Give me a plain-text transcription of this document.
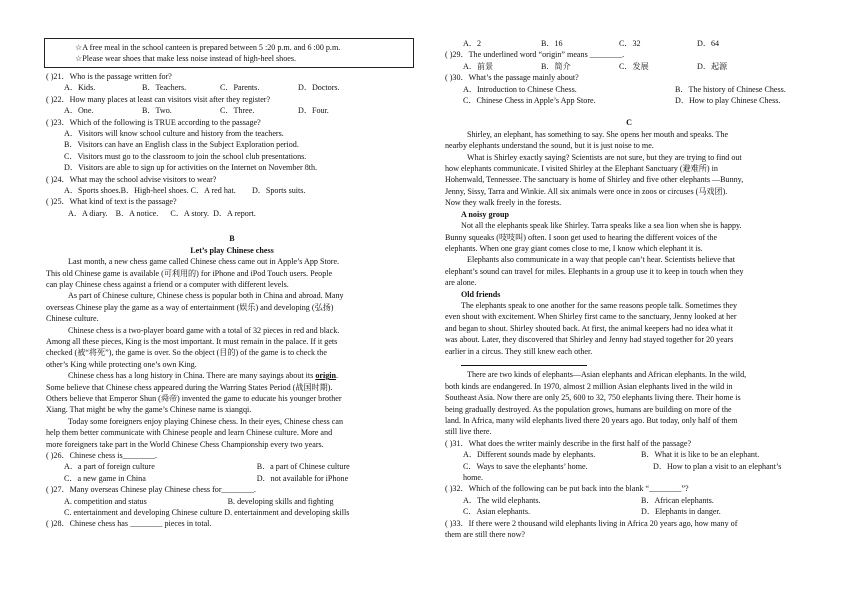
☆A free meal in the school canteen is prepared between 5 :20 p.m. and 6 :00 p.m.
☆Please wear shoes that make less noise instead of high-heel shoes.

( )21．Who is the passage written for?

A．Kids.	B．Teachers.	C．Parents.	D．Doctors.

( )22．How many places at least can visitors visit after they register?

A．One.	B．Two.	C．Three.	D．Four.

( )23．Which of the following is TRUE according to the passage?

A．Visitors will know school culture and history from the teachers.

B．Visitors can have an English class in the Subject Exploration period.

C．Visitors must go to the classroom to join the school club presentations.

D．Visitors are able to sign up for activities on the Internet on November 8th.

( )24．What may the school advise visitors to wear?

A．Sports shoes.B．High-heel shoes. C．A red hat.        D．Sports suits.

( )25．What kind of text is the passage?

A．A diary.    B．A notice.      C．A story.  D．A report.

B

Let’s play Chinese chess

Last month, a new chess game called Chinese chess came out in Apple’s App Store.

This old Chinese game is available (可利用的) for iPhone and iPod Touch users. People

can play Chinese chess against a friend or a computer with different levels.

As part of Chinese culture, Chinese chess is popular both in China and abroad. Many

overseas Chinese play the game as a way of entertainment (娱乐) and developing (弘扬)

Chinese culture.

Chinese chess is a two-player board game with a total of 32 pieces in red and black.

Among all these pieces, King is the most important. It must remain in the palace. If it gets

checked (被“将死”), the game is over. So the object (目的) of the game is to check the

other’s King while protecting one’s own King.

Chinese chess has a long history in China. There are many sayings about its origin.

Some believe that Chinese chess appeared during the Warring States Period (战国时期).

Others believe that Emperor Shun (舜帝) invented the game to educate his younger brother

Xiang. That might be why the game’s Chinese name is xiangqi.

Today some foreigners enjoy playing Chinese chess. In their eyes, Chinese chess can

help them better communicate with Chinese people and learn Chinese culture. More and

more foreigners take part in the World Chinese Chess Championship every two years.

( )26．Chinese chess is________.

A．a part of foreign culture	B．a part of Chinese culture
C．a new game in China	D．not available for iPhone

( )27．Many overseas Chinese play Chinese chess for________.

A. competition and status                                        B. developing skills and fighting

C. entertainment and developing Chinese culture D. entertainment and developing skills

( )28．Chinese chess has ________ pieces in total.

A．2	B．16	C．32	D．64

( )29．The underlined word “origin” means ________.

A．前景	B．简介	C．发展	D．起源

( )30．What’s the passage mainly about?

A．Introduction to Chinese Chess.	B．The history of Chinese Chess.
C．Chinese Chess in Apple’s App Store.	D．How to play Chinese Chess.

C

Shirley, an elephant, has something to say. She opens her mouth and speaks. The

nearby elephants understand the sound, but it is just noise to me.

What is Shirley exactly saying? Scientists are not sure, but they are trying to find out

how elephants communicate. I visited Shirley at the Elephant Sanctuary (避难所) in

Hohenwald, Tennessee. The sanctuary is home of Shirley and five other elephants —Bunny,

Jenny, Sissy, Tarra and Winkie. All six animals were once in zoos or circuses (马戏团).

Now they walk freely in the forests.

A noisy group

Not all the elephants speak like Shirley. Tarra speaks like a sea lion when she is happy.

Bunny squeaks (吱吱叫) often. I soon get used to hearing the different voices of the

elephants. When one gray giant comes close to me, I know which elephant it is.

Elephants also communicate in a way that people can’t hear. Scientists believe that

elephant’s sound can travel for miles. Elephants in a group use it to keep in touch when they

are alone.

Old friends

The elephants speak to one another for the same reasons people talk. Sometimes they

even shout with excitement. When Shirley first came to the sanctuary, Jenny looked at her

and began to shout. Shirley shouted back. At first, the animal keepers had no idea what it

was about. Later, they discovered that Shirley and Jenny had stayed together for 20 years

earlier in a circus. They still knew each other.

There are two kinds of elephants—Asian elephants and African elephants. In the wild,

both kinds are endangered. In 1970, almost 2 million Asian elephants lived in the wild in

Southeast Asia. Now there are only 25, 600 to 32, 750 elephants living there. Their home is

being gradually destroyed. As the population grows, humans are building on more of the

land. In Africa, many wild elephants lived there 20 years ago. But today, only half of them

still live there.

( )31．What does the writer mainly describe in the first half of the passage?

A．Different sounds made by elephants.	B．What it is like to be an elephant.
C．Ways to save the elephants’ home.	D．How to plan a visit to an elephant’s

home.

( )32．Which of the following can be put back into the blank “________”?

A．The wild elephants.	B．African elephants.
C．Asian elephants.	D．Elephants in danger.

( )33．If there were 2 thousand wild elephants living in Africa 20 years ago, how many of

them are still there now?
